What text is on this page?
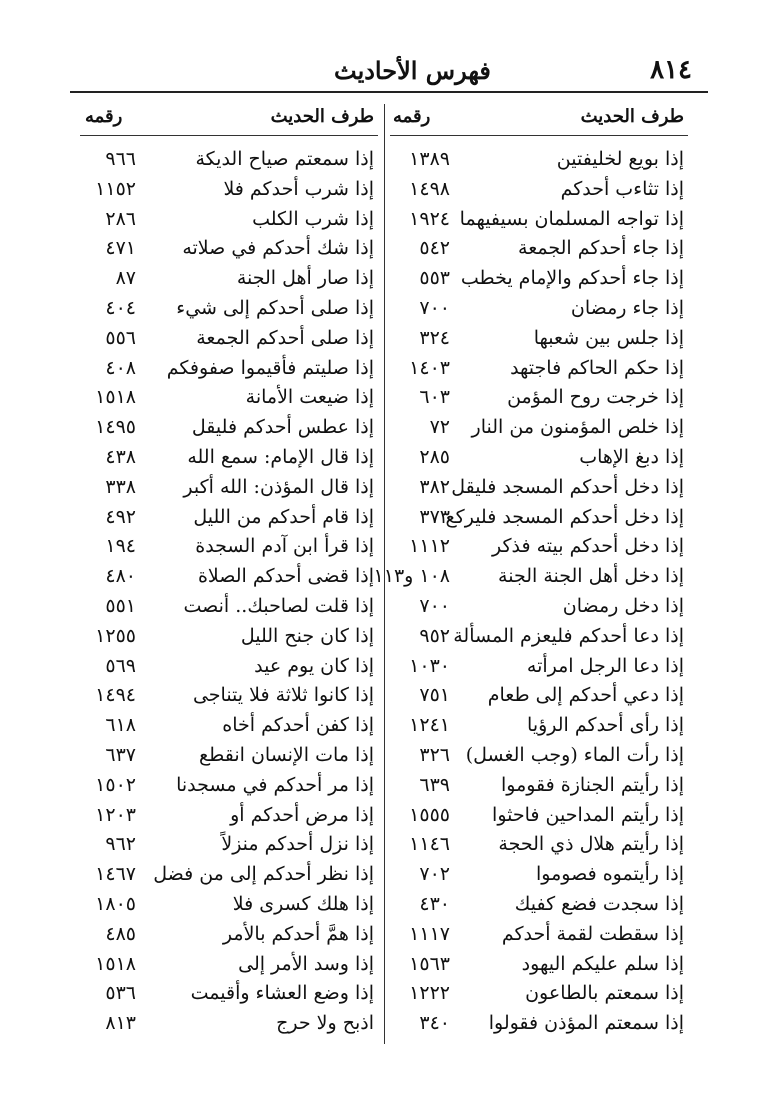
٨١٤
فهرس الأحاديث
طرف الحديث
رقمه
طرف الحديث
رقمه
إذا بويع لخليفتين
١٣٨٩
إذا تثاءب أحدكم
١٤٩٨
إذا تواجه المسلمان بسيفيهما
١٩٢٤
إذا جاء أحدكم الجمعة
٥٤٢
إذا جاء أحدكم والإمام يخطب
٥٥٣
إذا جاء رمضان
٧٠٠
إذا جلس بين شعبها
٣٢٤
إذا حكم الحاكم فاجتهد
١٤٠٣
إذا خرجت روح المؤمن
٦٠٣
إذا خلص المؤمنون من النار
٧٢
إذا دبغ الإهاب
٢٨٥
إذا دخل أحدكم المسجد فليقل
٣٨٢
إذا دخل أحدكم المسجد فليركع
٣٧٣
إذا دخل أحدكم بيته فذكر
١١١٢
إذا دخل أهل الجنة الجنة
١٠٨ و١١٣
إذا دخل رمضان
٧٠٠
إذا دعا أحدكم فليعزم المسألة
٩٥٢
إذا دعا الرجل امرأته
١٠٣٠
إذا دعي أحدكم إلى طعام
٧٥١
إذا رأى أحدكم الرؤيا
١٢٤١
إذا رأت الماء (وجب الغسل)
٣٢٦
إذا رأيتم الجنازة فقوموا
٦٣٩
إذا رأيتم المداحين فاحثوا
١٥٥٥
إذا رأيتم هلال ذي الحجة
١١٤٦
إذا رأيتموه فصوموا
٧٠٢
إذا سجدت فضع كفيك
٤٣٠
إذا سقطت لقمة أحدكم
١١١٧
إذا سلم عليكم اليهود
١٥٦٣
إذا سمعتم بالطاعون
١٢٢٢
إذا سمعتم المؤذن فقولوا
٣٤٠
إذا سمعتم صياح الديكة
٩٦٦
إذا شرب أحدكم فلا
١١٥٢
إذا شرب الكلب
٢٨٦
إذا شك أحدكم في صلاته
٤٧١
إذا صار أهل الجنة
٨٧
إذا صلى أحدكم إلى شيء
٤٠٤
إذا صلى أحدكم الجمعة
٥٥٦
إذا صليتم فأقيموا صفوفكم
٤٠٨
إذا ضيعت الأمانة
١٥١٨
إذا عطس أحدكم فليقل
١٤٩٥
إذا قال الإمام: سمع الله
٤٣٨
إذا قال المؤذن: الله أكبر
٣٣٨
إذا قام أحدكم من الليل
٤٩٢
إذا قرأ ابن آدم السجدة
١٩٤
إذا قضى أحدكم الصلاة
٤٨٠
إذا قلت لصاحبك.. أنصت
٥٥١
إذا كان جنح الليل
١٢٥٥
إذا كان يوم عيد
٥٦٩
إذا كانوا ثلاثة فلا يتناجى
١٤٩٤
إذا كفن أحدكم أخاه
٦١٨
إذا مات الإنسان انقطع
٦٣٧
إذا مر أحدكم في مسجدنا
١٥٠٢
إذا مرض أحدكم أو
١٢٠٣
إذا نزل أحدكم منزلاً
٩٦٢
إذا نظر أحدكم إلى من فضل
١٤٦٧
إذا هلك كسرى فلا
١٨٠٥
إذا همَّ أحدكم بالأمر
٤٨٥
إذا وسد الأمر إلى
١٥١٨
إذا وضع العشاء وأقيمت
٥٣٦
اذبح ولا حرج
٨١٣
